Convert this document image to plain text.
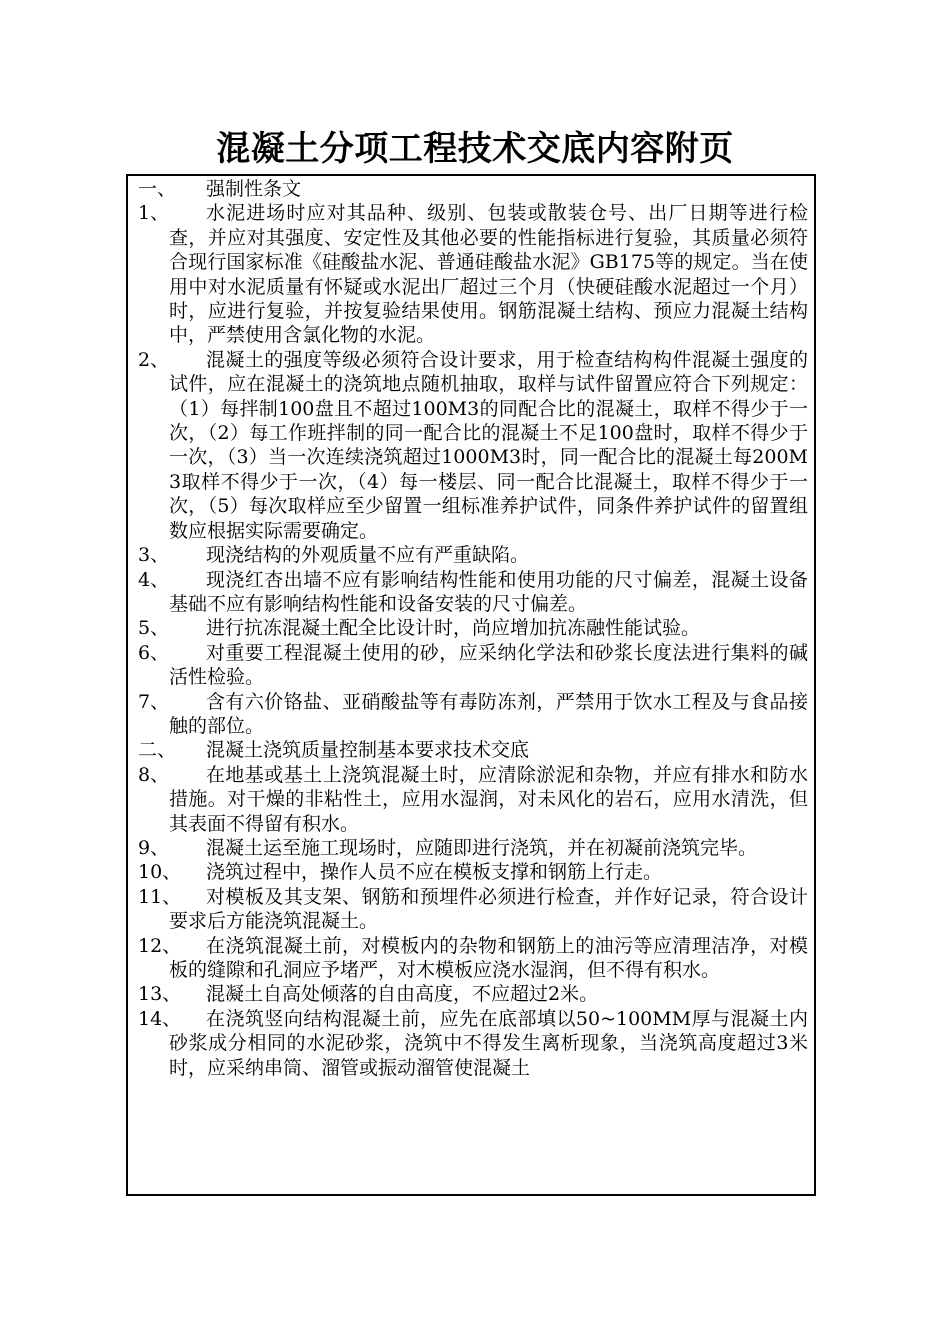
混凝土分项工程技术交底内容附页
一、	强制性条文
1、	水泥进场时应对其品种、级别、包装或散装仓号、出厂日期等进行检查，并应对其强度、安定性及其他必要的性能指标进行复验，其质量必须符合现行国家标准《硅酸盐水泥、普通硅酸盐水泥》GB175等的规定。当在使用中对水泥质量有怀疑或水泥出厂超过三个月（快硬硅酸水泥超过一个月）时，应进行复验，并按复验结果使用。钢筋混凝土结构、预应力混凝土结构中，严禁使用含氯化物的水泥。
2、	混凝土的强度等级必须符合设计要求，用于检查结构构件混凝土强度的试件，应在混凝土的浇筑地点随机抽取，取样与试件留置应符合下列规定：（1）每拌制100盘且不超过100M3的同配合比的混凝土，取样不得少于一次，（2）每工作班拌制的同一配合比的混凝土不足100盘时，取样不得少于一次，（3）当一次连续浇筑超过1000M3时，同一配合比的混凝土每200M3取样不得少于一次，（4）每一楼层、同一配合比混凝土，取样不得少于一次，（5）每次取样应至少留置一组标准养护试件，同条件养护试件的留置组数应根据实际需要确定。
3、	现浇结构的外观质量不应有严重缺陷。
4、	现浇红杏出墙不应有影响结构性能和使用功能的尺寸偏差，混凝土设备基础不应有影响结构性能和设备安装的尺寸偏差。
5、	进行抗冻混凝土配全比设计时，尚应增加抗冻融性能试验。
6、	对重要工程混凝土使用的砂，应采纳化学法和砂浆长度法进行集料的碱活性检验。
7、	含有六价铬盐、亚硝酸盐等有毒防冻剂，严禁用于饮水工程及与食品接触的部位。
二、	混凝土浇筑质量控制基本要求技术交底
8、	在地基或基土上浇筑混凝土时，应清除淤泥和杂物，并应有排水和防水措施。对干燥的非粘性土，应用水湿润，对未风化的岩石，应用水清洗，但其表面不得留有积水。
9、	混凝土运至施工现场时，应随即进行浇筑，并在初凝前浇筑完毕。
10、	浇筑过程中，操作人员不应在模板支撑和钢筋上行走。
11、	对模板及其支架、钢筋和预埋件必须进行检查，并作好记录，符合设计要求后方能浇筑混凝土。
12、	在浇筑混凝土前，对模板内的杂物和钢筋上的油污等应清理洁净，对模板的缝隙和孔洞应予堵严，对木模板应浇水湿润，但不得有积水。
13、	混凝土自高处倾落的自由高度，不应超过2米。
14、	在浇筑竖向结构混凝土前，应先在底部填以50~100MM厚与混凝土内砂浆成分相同的水泥砂浆，浇筑中不得发生离析现象，当浇筑高度超过3米时，应采纳串筒、溜管或振动溜管使混凝土
